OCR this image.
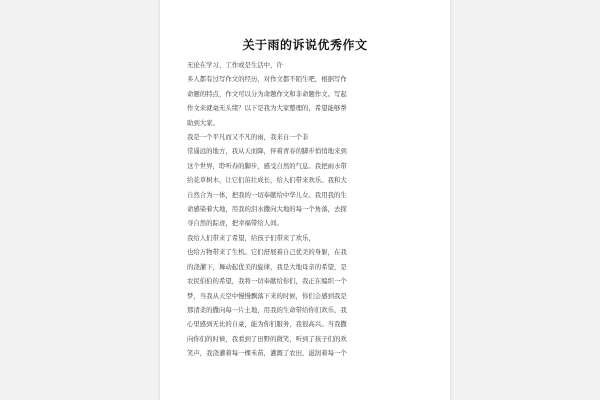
关于雨的诉说优秀作文

无论在学习、工作或是生活中，许

多人都有过写作文的经历，对作文都不陌生吧，根据写作

命题的特点，作文可以分为命题作文和非命题作文。写起

作文来就毫无头绪？以下是我为大家整理的，希望能够帮

助到大家。

我是一个平凡而又不凡的雨，我来自一个非

常遥远的地方，我从天而降，伴着青春的脚步悄悄地来到

这个世界，聆听春的脚步，感受自然的气息。我把雨水带

给花草树木，让它们茁壮成长，给人们带来欢乐。我和大

自然合为一体，把我的一切奉献给中华儿女。我用我的生

命感染着大地，用我的泪水撒向大地的每一个角落，去探

寻自然的踪迹，把幸福带给人间。

我给人们带来了希望，给孩子们带来了欢乐，

也给万物带来了生机。它们舒展着自己优美的身躯，在我

的浇灌下，舞动起优美的旋律，我是大地母亲的希望，是

农民伯伯的希望，我将一切奉献给你们，我正在编织一个

梦，当我从天空中慢慢飘落下来的时候，你们会感到我是

那清柔的撒向每一片土地，用我的生命带给你们欢乐，我

心里感到无比的自豪，能为你们服务，我很高兴。当我撒

向你们的时候，我看到了田野的微笑，听到了孩子们的欢

笑声，我浇灌着每一棵禾苗，灌溉了农田，滋润着每一个
